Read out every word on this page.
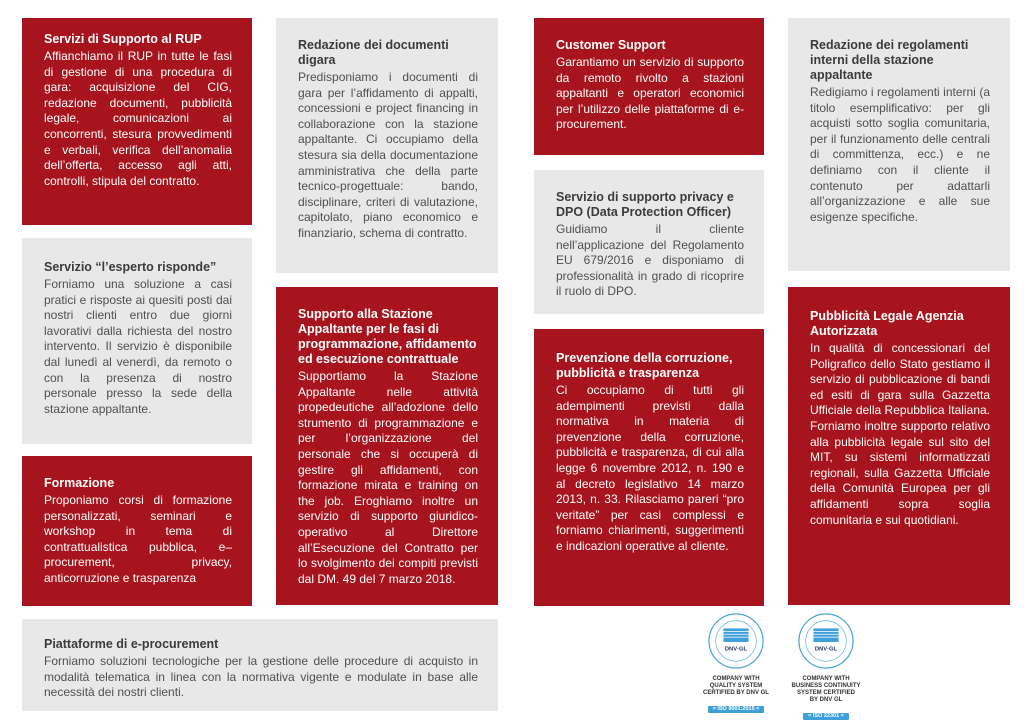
Servizi di Supporto al RUP

Affianchiamo il RUP in tutte le fasi di gestione di una procedura di gara: acquisizione del CIG, redazione documenti, pubblicità legale, comunicazioni ai concorrenti, stesura provvedimenti e verbali, verifica dell’anomalia dell’offerta, accesso agli atti, controlli, stipula del contratto.

Servizio “l’esperto risponde”

Forniamo una soluzione a casi pratici e risposte ai quesiti posti dai nostri clienti entro due giorni lavorativi dalla richiesta del nostro intervento. Il servizio è disponibile dal lunedì al venerdì, da remoto o con la presenza di nostro personale presso la sede della stazione appaltante.

Formazione

Proponiamo corsi di formazione personalizzati, seminari e workshop in tema di contrattualistica pubblica, e–procurement, privacy, anticorruzione e trasparenza

Redazione dei documenti digara

Predisponiamo i documenti di gara per l’affidamento di appalti, concessioni e project financing in collaborazione con la stazione appaltante. Ci occupiamo della stesura sia della documentazione amministrativa che della parte tecnico-progettuale: bando, disciplinare, criteri di valutazione, capitolato, piano economico e finanziario, schema di contratto.

Supporto alla Stazione Appaltante per le fasi di programmazione, affidamento ed esecuzione contrattuale

Supportiamo la Stazione Appaltante nelle attività propedeutiche all’adozione dello strumento di programmazione e per l’organizzazione del personale che si occuperà di gestire gli affidamenti, con formazione mirata e training on the job. Eroghiamo inoltre un servizio di supporto giuridico-operativo al Direttore all’Esecuzione del Contratto per lo svolgimento dei compiti previsti dal DM. 49 del 7 marzo 2018.

Customer Support

Garantiamo un servizio di supporto da remoto rivolto a stazioni appaltanti e operatori economici per l’utilizzo delle piattaforme di e- procurement.

Servizio di supporto privacy e DPO (Data Protection Officer)

Guidiamo il cliente nell’applicazione del Regolamento EU 679/2016 e disponiamo di professionalità in grado di ricoprire il ruolo di DPO.

Prevenzione della corruzione, pubblicità e trasparenza

Ci occupiamo di tutti gli adempimenti previsti dalla normativa in materia di prevenzione della corruzione, pubblicità e trasparenza, di cui alla legge 6 novembre 2012, n. 190 e al decreto legislativo 14 marzo 2013, n. 33. Rilasciamo pareri “pro veritate” per casi complessi e forniamo chiarimenti, suggerimenti e indicazioni operative al cliente.

Redazione dei regolamenti interni della stazione appaltante

Redigiamo i regolamenti interni (a titolo esemplificativo: per gli acquisti sotto soglia comunitaria, per il funzionamento delle centrali di committenza, ecc.) e ne definiamo con il cliente il contenuto per adattarli all’organizzazione e alle sue esigenze specifiche.

Pubblicità Legale Agenzia Autorizzata

In qualità di concessionari del Poligrafico dello Stato gestiamo il servizio di pubblicazione di bandi ed esiti di gara sulla Gazzetta Ufficiale della Repubblica Italiana. Forniamo inoltre supporto relativo alla pubblicità legale sul sito del MIT, su sistemi informatizzati regionali, sulla Gazzetta Ufficiale della Comunità Europea per gli affidamenti sopra soglia comunitaria e sui quotidiani.

Piattaforme di e-procurement

Forniamo soluzioni tecnologiche per la gestione delle procedure di acquisto in modalità telematica in linea con la normativa vigente e modulate in base alle necessità dei nostri clienti.

DNV·GL
COMPANY WITH
QUALITY SYSTEM
CERTIFIED BY DNV GL
= ISO 9001:2015 =
DNV·GL
COMPANY WITH
BUSINESS CONTINUITY
SYSTEM CERTIFIED
BY DNV GL
= ISO 22301 =
